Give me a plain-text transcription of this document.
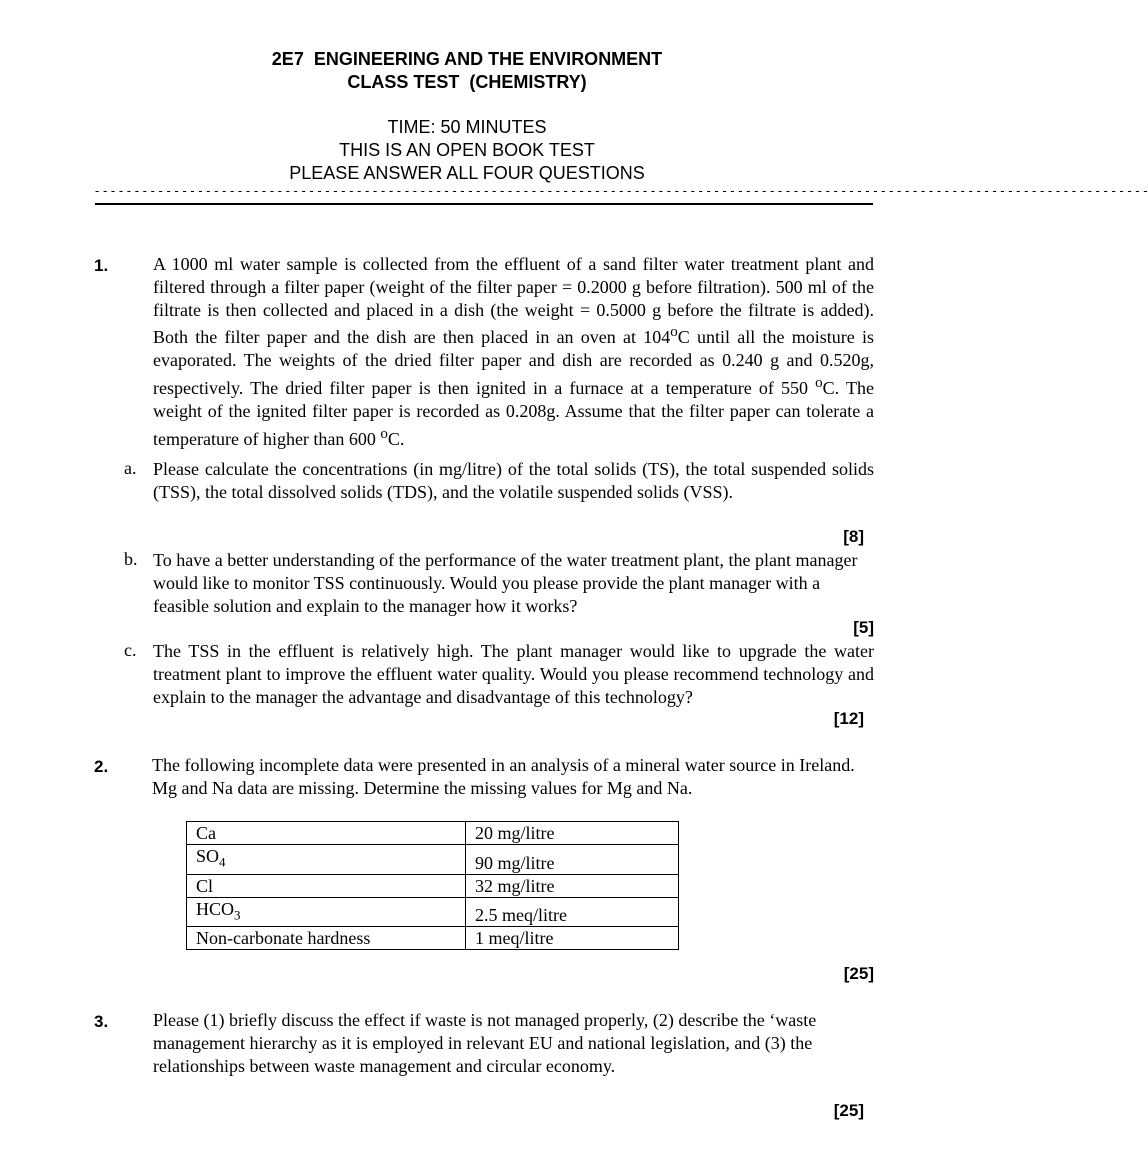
2E7  ENGINEERING AND THE ENVIRONMENT
CLASS TEST  (CHEMISTRY)
TIME: 50 MINUTES
THIS IS AN OPEN BOOK TEST
PLEASE ANSWER ALL FOUR QUESTIONS
- - - - - - - - - - - - - - - - - - - - - - - - - - - - - - - - - - - - - - - - - - - - - - - - - - - - - - - - - - - - - - - - - - - - - - - - - - - - - - - - - - - - - - - - - - - - - - - - - - - - - - - - - - - - - - - - - - - - - - - - - - - - - - - - - - - - -
1. A 1000 ml water sample is collected from the effluent of a sand filter water treatment plant and filtered through a filter paper (weight of the filter paper = 0.2000 g before filtration). 500 ml of the filtrate is then collected and placed in a dish (the weight = 0.5000 g before the filtrate is added). Both the filter paper and the dish are then placed in an oven at 104$^o$C until all the moisture is evaporated. The weights of the dried filter paper and dish are recorded as 0.240 g and 0.520g, respectively. The dried filter paper is then ignited in a furnace at a temperature of 550 $^o$C. The weight of the ignited filter paper is recorded as 0.208g. Assume that the filter paper can tolerate a temperature of higher than 600 $^o$C.
a. Please calculate the concentrations (in mg/litre) of the total solids (TS), the total suspended solids (TSS), the total dissolved solids (TDS), and the volatile suspended solids (VSS).
[8]
b. To have a better understanding of the performance of the water treatment plant, the plant manager would like to monitor TSS continuously. Would you please provide the plant manager with a feasible solution and explain to the manager how it works?
[5]
c. The TSS in the effluent is relatively high. The plant manager would like to upgrade the water treatment plant to improve the effluent water quality. Would you please recommend technology and explain to the manager the advantage and disadvantage of this technology?
[12]
2. The following incomplete data were presented in an analysis of a mineral water source in Ireland. Mg and Na data are missing. Determine the missing values for Mg and Na.
Ca	20 mg/litre
$SO_4$	90 mg/litre
Cl	32 mg/litre
$HCO_3$	2.5 meq/litre
Non-carbonate hardness	1 meq/litre
[25]
3. Please (1) briefly discuss the effect if waste is not managed properly, (2) describe the ‘waste management hierarchy as it is employed in relevant EU and national legislation, and (3) the relationships between waste management and circular economy.
[25]
